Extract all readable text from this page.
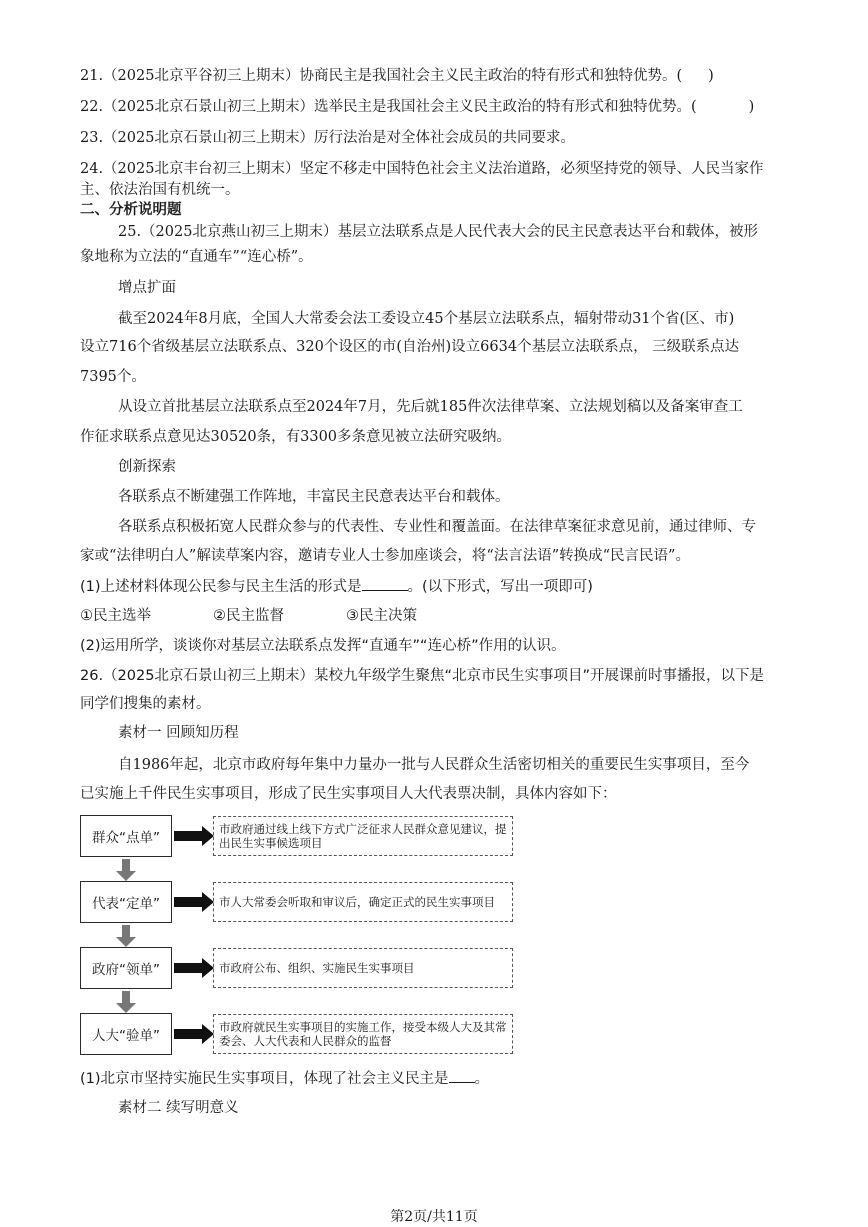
21.（2025北京平谷初三上期末）协商民主是我国社会主义民主政治的特有形式和独特优势。( )
22.（2025北京石景山初三上期末）选举民主是我国社会主义民主政治的特有形式和独特优势。(	)
23.（2025北京石景山初三上期末）厉行法治是对全体社会成员的共同要求。
24.（2025北京丰台初三上期末）坚定不移走中国特色社会主义法治道路，必须坚持党的领导、人民当家作
主、依法治国有机统一。
二、分析说明题
25.（2025北京燕山初三上期末）基层立法联系点是人民代表大会的民主民意表达平台和载体，被形
象地称为立法的“直通车”“连心桥”。
增点扩面
截至2024年8月底，全国人大常委会法工委设立45个基层立法联系点，辐射带动31个省(区、市)
设立716个省级基层立法联系点、320个设区的市(自治州)设立6634个基层立法联系点， 三级联系点达
7395个。
从设立首批基层立法联系点至2024年7月，先后就185件次法律草案、立法规划稿以及备案审查工
作征求联系点意见达30520条，有3300多条意见被立法研究吸纳。
创新探索
各联系点不断建强工作阵地，丰富民主民意表达平台和载体。
各联系点积极拓宽人民群众参与的代表性、专业性和覆盖面。在法律草案征求意见前，通过律师、专
家或“法律明白人”解读草案内容，邀请专业人士参加座谈会，将“法言法语”转换成“民言民语”。
(1)上述材料体现公民参与民主生活的形式是	。(以下形式，写出一项即可)
①民主选举	②民主监督	③民主决策
(2)运用所学，谈谈你对基层立法联系点发挥“直通车”“连心桥”作用的认识。
26.（2025北京石景山初三上期末）某校九年级学生聚焦“北京市民生实事项目”开展课前时事播报，以下是
同学们搜集的素材。
素材一 回顾知历程
自1986年起，北京市政府每年集中力量办一批与人民群众生活密切相关的重要民生实事项目，至今
已实施上千件民生实事项目，形成了民生实事项目人大代表票决制，具体内容如下：
群众“点单”
市政府通过线上线下方式广泛征求人民群众意见建议，提出民生实事候选项目
代表“定单”	市人大常委会听取和审议后，确定正式的民生实事项目
政府“领单”	市政府公布、组织、实施民生实事项目
人大“验单”
市政府就民生实事项目的实施工作，接受本级人大及其常委会、人大代表和人民群众的监督
(1)北京市坚持实施民生实事项目，体现了社会主义民主是 。
素材二 续写明意义
第2页/共11页
